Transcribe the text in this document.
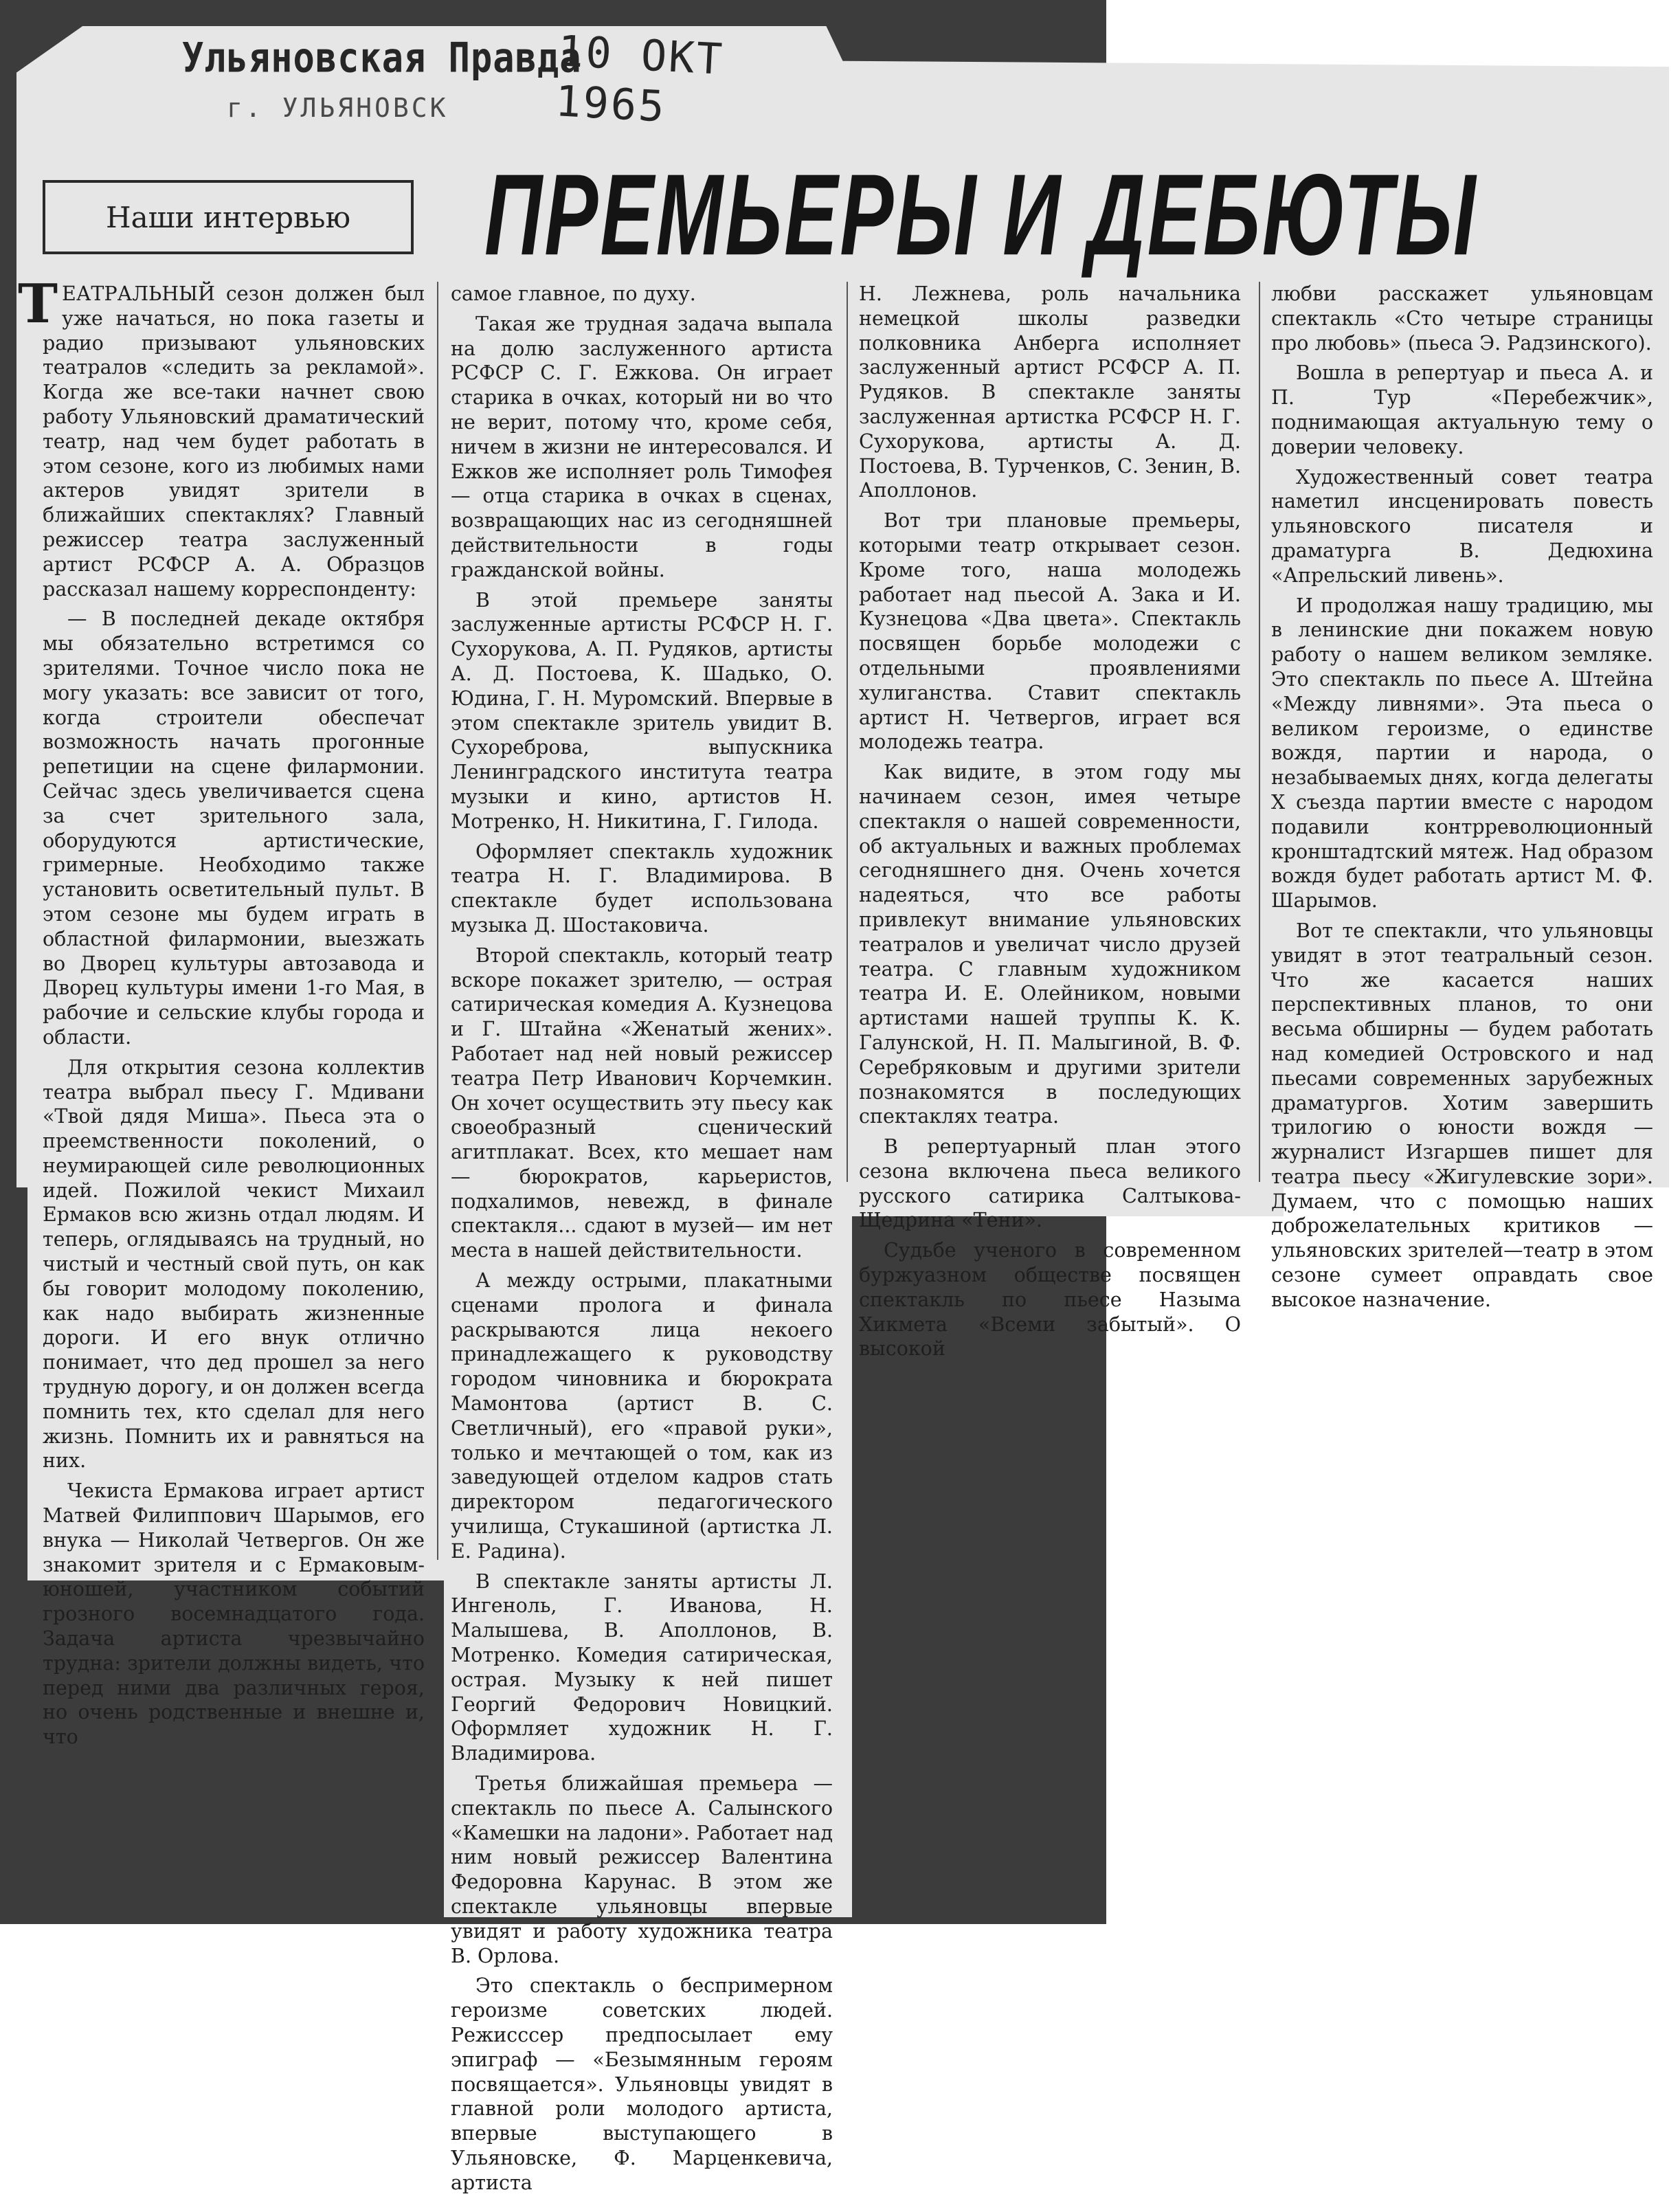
Ульяновская Правда
10 ОКТ 1965
г. УЛЬЯНОВСК
Наши интервью ПРЕМЬЕРЫ И ДЕБЮТЫ

ТЕАТРАЛЬНЫЙ сезон должен был уже начаться, но пока газеты и радио призывают ульяновских театралов «следить за рекламой». Когда же все-таки начнет свою работу Ульяновский драматический театр, над чем будет работать в этом сезоне, кого из любимых нами актеров увидят зрители в ближайших спектаклях? Главный режиссер театра заслуженный артист РСФСР А. А. Образцов рассказал нашему корреспонденту:

— В последней декаде октября мы обязательно встретимся со зрителями. Точное число пока не могу указать: все зависит от того, когда строители обеспечат возможность начать прогонные репетиции на сцене филармонии. Сейчас здесь увеличивается сцена за счет зрительного зала, оборудуются артистические, гримерные. Необходимо также установить осветительный пульт. В этом сезоне мы будем играть в областной филармонии, выезжать во Дворец культуры автозавода и Дворец культуры имени 1-го Мая, в рабочие и сельские клубы города и области.

Для открытия сезона коллектив театра выбрал пьесу Г. Мдивани «Твой дядя Миша». Пьеса эта о преемственности поколений, о неумирающей силе революционных идей. Пожилой чекист Михаил Ермаков всю жизнь отдал людям. И теперь, оглядываясь на трудный, но чистый и честный свой путь, он как бы говорит молодому поколению, как надо выбирать жизненные дороги. И его внук отлично понимает, что дед прошел за него трудную дорогу, и он должен всегда помнить тех, кто сделал для него жизнь. Помнить их и равняться на них.

Чекиста Ермакова играет артист Матвей Филиппович Шарымов, его внука — Николай Четвергов. Он же знакомит зрителя и с Ермаковым-юношей, участником событий грозного восемнадцатого года. Задача артиста чрезвычайно трудна: зрители должны видеть, что перед ними два различных героя, но очень родственные и внешне и, что

самое главное, по духу.

Такая же трудная задача выпала на долю заслуженного артиста РСФСР С. Г. Ежкова. Он играет старика в очках, который ни во что не верит, потому что, кроме себя, ничем в жизни не интересовался. И Ежков же исполняет роль Тимофея — отца старика в очках в сценах, возвращающих нас из сегодняшней действительности в годы гражданской войны.

В этой премьере заняты заслуженные артисты РСФСР Н. Г. Сухорукова, А. П. Рудяков, артисты А. Д. Постоева, К. Шадько, О. Юдина, Г. Н. Муромский. Впервые в этом спектакле зритель увидит В. Сухореброва, выпускника Ленинградского института театра музыки и кино, артистов Н. Мотренко, Н. Никитина, Г. Гилода.

Оформляет спектакль художник театра Н. Г. Владимирова. В спектакле будет использована музыка Д. Шостаковича.

Второй спектакль, который театр вскоре покажет зрителю, — острая сатирическая комедия А. Кузнецова и Г. Штайна «Женатый жених». Работает над ней новый режиссер театра Петр Иванович Корчемкин. Он хочет осуществить эту пьесу как своеобразный сценический агитплакат. Всех, кто мешает нам — бюрократов, карьеристов, подхалимов, невежд, в финале спектакля... сдают в музей— им нет места в нашей действительности.

А между острыми, плакатными сценами пролога и финала раскрываются лица некоего принадлежащего к руководству городом чиновника и бюрократа Мамонтова (артист В. С. Светличный), его «правой руки», только и мечтающей о том, как из заведующей отделом кадров стать директором педагогического училища, Стукашиной (артистка Л. Е. Радина).

В спектакле заняты артисты Л. Ингеноль, Г. Иванова, Н. Малышева, В. Аполлонов, В. Мотренко. Комедия сатирическая, острая. Музыку к ней пишет Георгий Федорович Новицкий. Оформляет художник Н. Г. Владимирова.

Третья ближайшая премьера — спектакль по пьесе А. Салынского «Камешки на ладони». Работает над ним новый режиссер Валентина Федоровна Карунас. В этом же спектакле ульяновцы впервые увидят и работу художника театра В. Орлова.

Это спектакль о беспримерном героизме советских людей. Режисссер предпосылает ему эпиграф — «Безымянным героям посвящается». Ульяновцы увидят в главной роли молодого артиста, впервые выступающего в Ульяновске, Ф. Марценкевича, артиста

Н. Лежнева, роль начальника немецкой школы разведки полковника Анберга исполняет заслуженный артист РСФСР А. П. Рудяков. В спектакле заняты заслуженная артистка РСФСР Н. Г. Сухорукова, артисты А. Д. Постоева, В. Турченков, С. Зенин, В. Аполлонов.

Вот три плановые премьеры, которыми театр открывает сезон. Кроме того, наша молодежь работает над пьесой А. Зака и И. Кузнецова «Два цвета». Спектакль посвящен борьбе молодежи с отдельными проявлениями хулиганства. Ставит спектакль артист Н. Четвергов, играет вся молодежь театра.

Как видите, в этом году мы начинаем сезон, имея четыре спектакля о нашей современности, об актуальных и важных проблемах сегодняшнего дня. Очень хочется надеяться, что все работы привлекут внимание ульяновских театралов и увеличат число друзей театра. С главным художником театра И. Е. Олейником, новыми артистами нашей труппы К. К. Галунской, Н. П. Малыгиной, В. Ф. Серебряковым и другими зрители познакомятся в последующих спектаклях театра.

В репертуарный план этого сезона включена пьеса великого русского сатирика Салтыкова-Щедрина «Тени».

Судьбе ученого в современном буржуазном обществе посвящен спектакль по пьесе Назыма Хикмета «Всеми забытый». О высокой

любви расскажет ульяновцам спектакль «Сто четыре страницы про любовь» (пьеса Э. Радзинского).

Вошла в репертуар и пьеса А. и П. Тур «Перебежчик», поднимающая актуальную тему о доверии человеку.

Художественный совет театра наметил инсценировать повесть ульяновского писателя и драматурга В. Дедюхина «Апрельский ливень».

И продолжая нашу традицию, мы в ленинские дни покажем новую работу о нашем великом земляке. Это спектакль по пьесе А. Штейна «Между ливнями». Эта пьеса о великом героизме, о единстве вождя, партии и народа, о незабываемых днях, когда делегаты X съезда партии вместе с народом подавили контрреволюционный кронштадтский мятеж. Над образом вождя будет работать артист М. Ф. Шарымов.

Вот те спектакли, что ульяновцы увидят в этот театральный сезон. Что же касается наших перспективных планов, то они весьма обширны — будем работать над комедией Островского и над пьесами современных зарубежных драматургов. Хотим завершить трилогию о юности вождя — журналист Изгаршев пишет для театра пьесу «Жигулевские зори». Думаем, что с помощью наших доброжелательных критиков — ульяновских зрителей—театр в этом сезоне сумеет оправдать свое высокое назначение.
